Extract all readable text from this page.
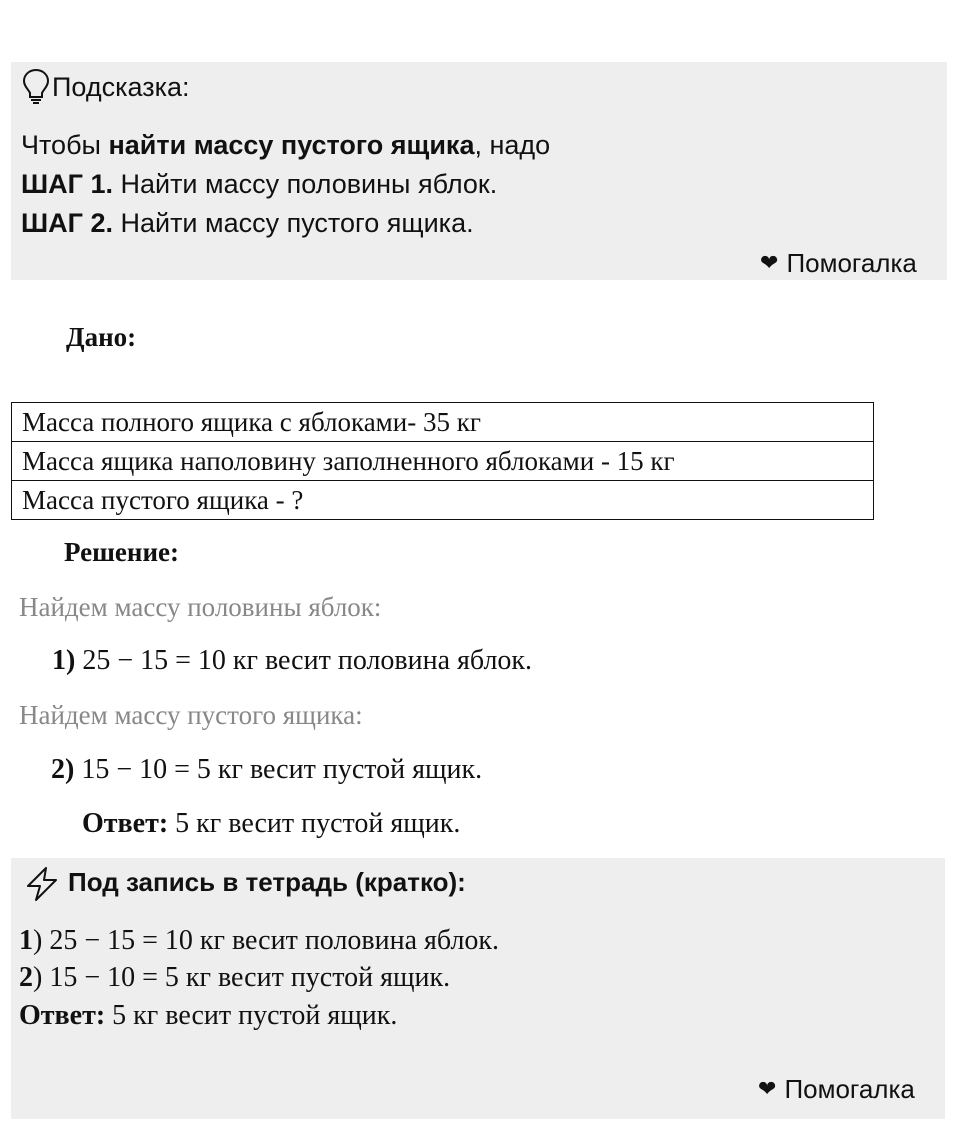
Подсказка:
Чтобы найти массу пустого ящика, надо
ШАГ 1. Найти массу половины яблок.
ШАГ 2. Найти массу пустого ящика.
❤ Помогалка
Дано:
Масса полного ящика с яблоками- 35 кг
Масса ящика наполовину заполненного яблоками - 15 кг
Масса пустого ящика - ?
Решение:
Найдем массу половины яблок:
1) 25 − 15 = 10 кг весит половина яблок.
Найдем массу пустого ящика:
2) 15 − 10 = 5 кг весит пустой ящик.
Ответ: 5 кг весит пустой ящик.
Под запись в тетрадь (кратко):
1) 25 − 15 = 10 кг весит половина яблок.
2) 15 − 10 = 5 кг весит пустой ящик.
Ответ: 5 кг весит пустой ящик.
❤ Помогалка
